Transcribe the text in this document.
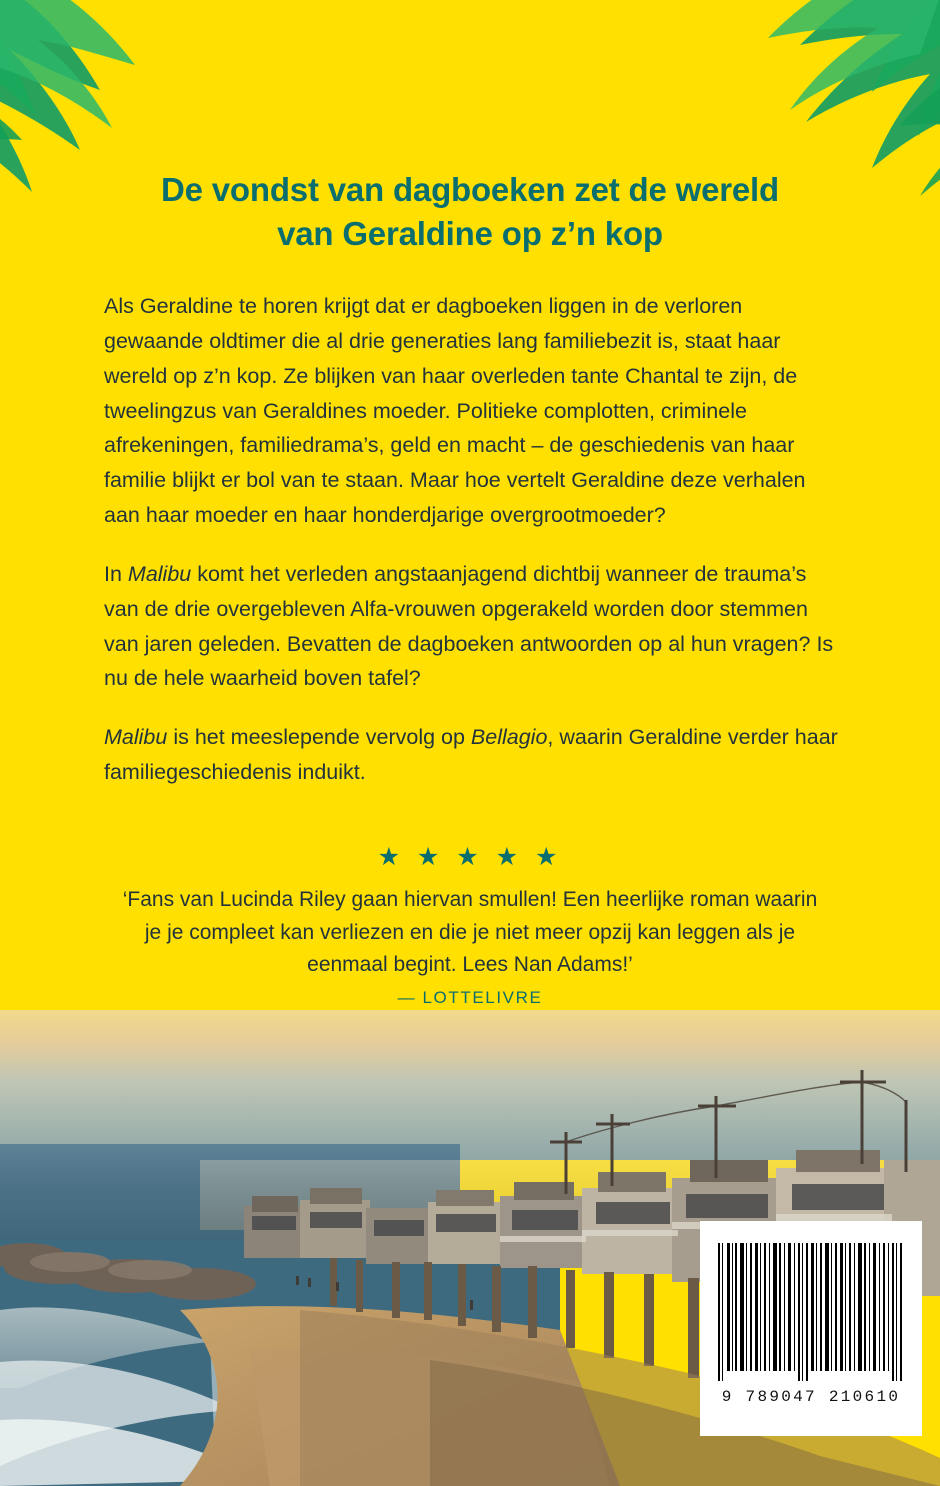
De vondst van dagboeken zet de wereld
van Geraldine op z’n kop

Als Geraldine te horen krijgt dat er dagboeken liggen in de verloren gewaande oldtimer die al drie generaties lang familiebezit is, staat haar wereld op z’n kop. Ze blijken van haar overleden tante Chantal te zijn, de tweelingzus van Geraldines moeder. Politieke complotten, criminele afrekeningen, familiedrama’s, geld en macht – de geschiedenis van haar familie blijkt er bol van te staan. Maar hoe vertelt Geraldine deze verhalen aan haar moeder en haar honderdjarige overgrootmoeder?

In Malibu komt het verleden angstaanjagend dichtbij wanneer de trauma’s van de drie overgebleven Alfa-vrouwen opgerakeld worden door stemmen van jaren geleden. Bevatten de dagboeken antwoorden op al hun vragen? Is nu de hele waarheid boven tafel?

Malibu is het meeslepende vervolg op Bellagio, waarin Geraldine verder haar familiegeschiedenis induikt.

★ ★ ★ ★ ★
‘Fans van Lucinda Riley gaan hiervan smullen! Een heerlijke roman waarin je je compleet kan verliezen en die je niet meer opzij kan leggen als je eenmaal begint. Lees Nan Adams!’
— LOTTELIVRE
9 789047 210610
